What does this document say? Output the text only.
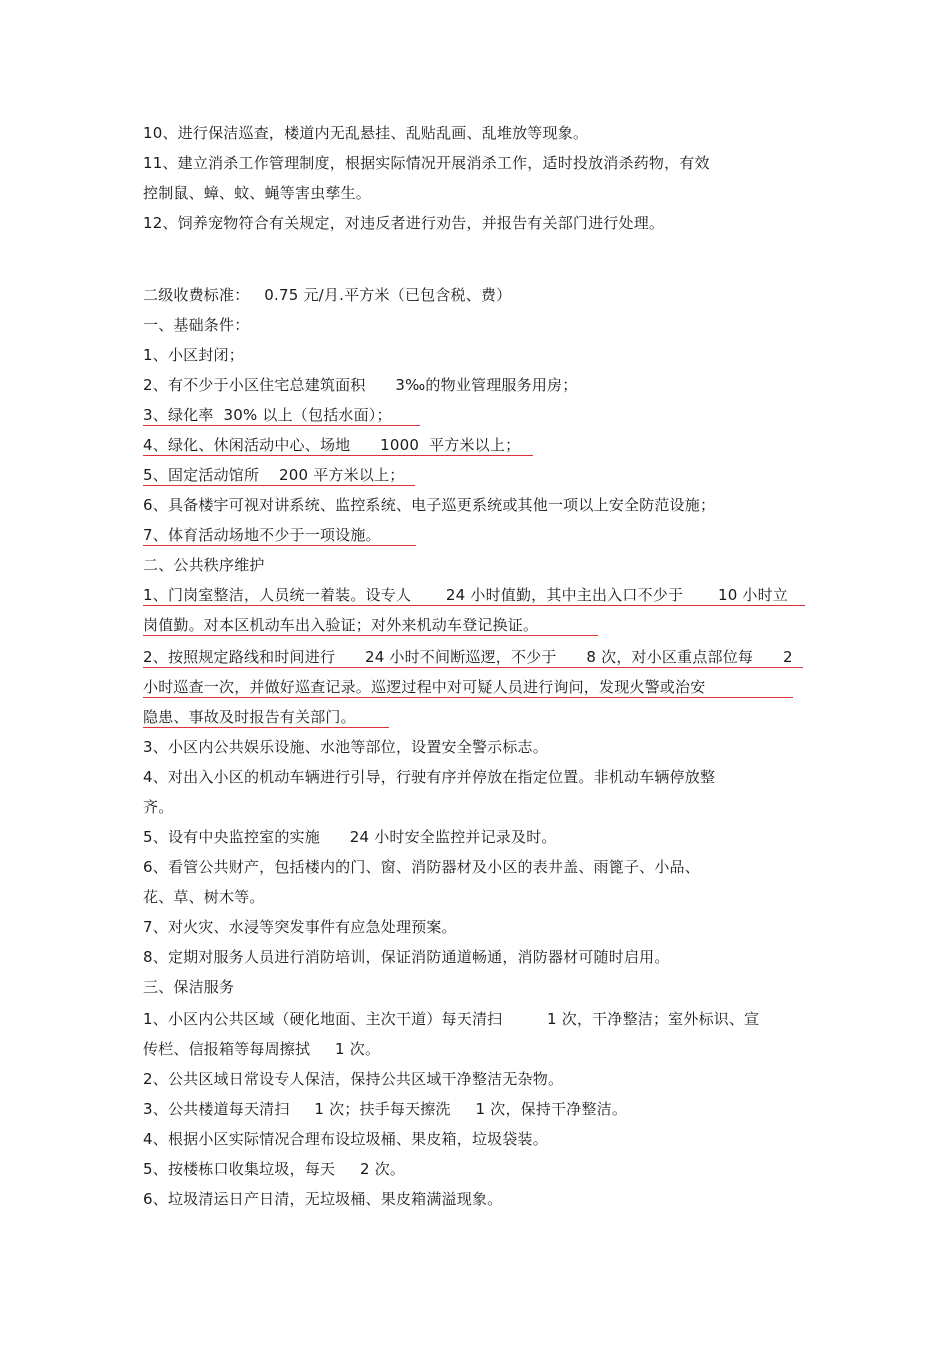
10、进行保洁巡查，楼道内无乱悬挂、乱贴乱画、乱堆放等现象。
11、建立消杀工作管理制度，根据实际情况开展消杀工作，适时投放消杀药物，有效
控制鼠、蟑、蚊、蝇等害虫孳生。
12、饲养宠物符合有关规定，对违反者进行劝告，并报告有关部门进行处理。
二级收费标准：   0.75 元/月.平方米（已包含税、费）
一、基础条件：
1、小区封闭；
2、有不少于小区住宅总建筑面积      3‰的物业管理服务用房；
3、绿化率  30% 以上（包括水面）；
4、绿化、休闲活动中心、场地      1000  平方米以上；
5、固定活动馆所    200 平方米以上；
6、具备楼宇可视对讲系统、监控系统、电子巡更系统或其他一项以上安全防范设施；
7、体育活动场地不少于一项设施。
二、公共秩序维护
1、门岗室整洁，人员统一着装。设专人       24 小时值勤，其中主出入口不少于       10 小时立
岗值勤。对本区机动车出入验证；对外来机动车登记换证。
2、按照规定路线和时间进行      24 小时不间断巡逻，不少于      8 次，对小区重点部位每      2
小时巡查一次，并做好巡查记录。巡逻过程中对可疑人员进行询问，发现火警或治安
隐患、事故及时报告有关部门。
3、小区内公共娱乐设施、水池等部位，设置安全警示标志。
4、对出入小区的机动车辆进行引导，行驶有序并停放在指定位置。非机动车辆停放整
齐。
5、设有中央监控室的实施      24 小时安全监控并记录及时。
6、看管公共财产，包括楼内的门、窗、消防器材及小区的表井盖、雨篦子、小品、
花、草、树木等。
7、对火灾、水浸等突发事件有应急处理预案。
8、定期对服务人员进行消防培训，保证消防通道畅通，消防器材可随时启用。
三、保洁服务
1、小区内公共区域（硬化地面、主次干道）每天清扫         1 次，干净整洁；室外标识、宣
传栏、信报箱等每周擦拭     1 次。
2、公共区域日常设专人保洁，保持公共区域干净整洁无杂物。
3、公共楼道每天清扫     1 次；扶手每天擦洗     1 次，保持干净整洁。
4、根据小区实际情况合理布设垃圾桶、果皮箱，垃圾袋装。
5、按楼栋口收集垃圾，每天     2 次。
6、垃圾清运日产日清，无垃圾桶、果皮箱满溢现象。
